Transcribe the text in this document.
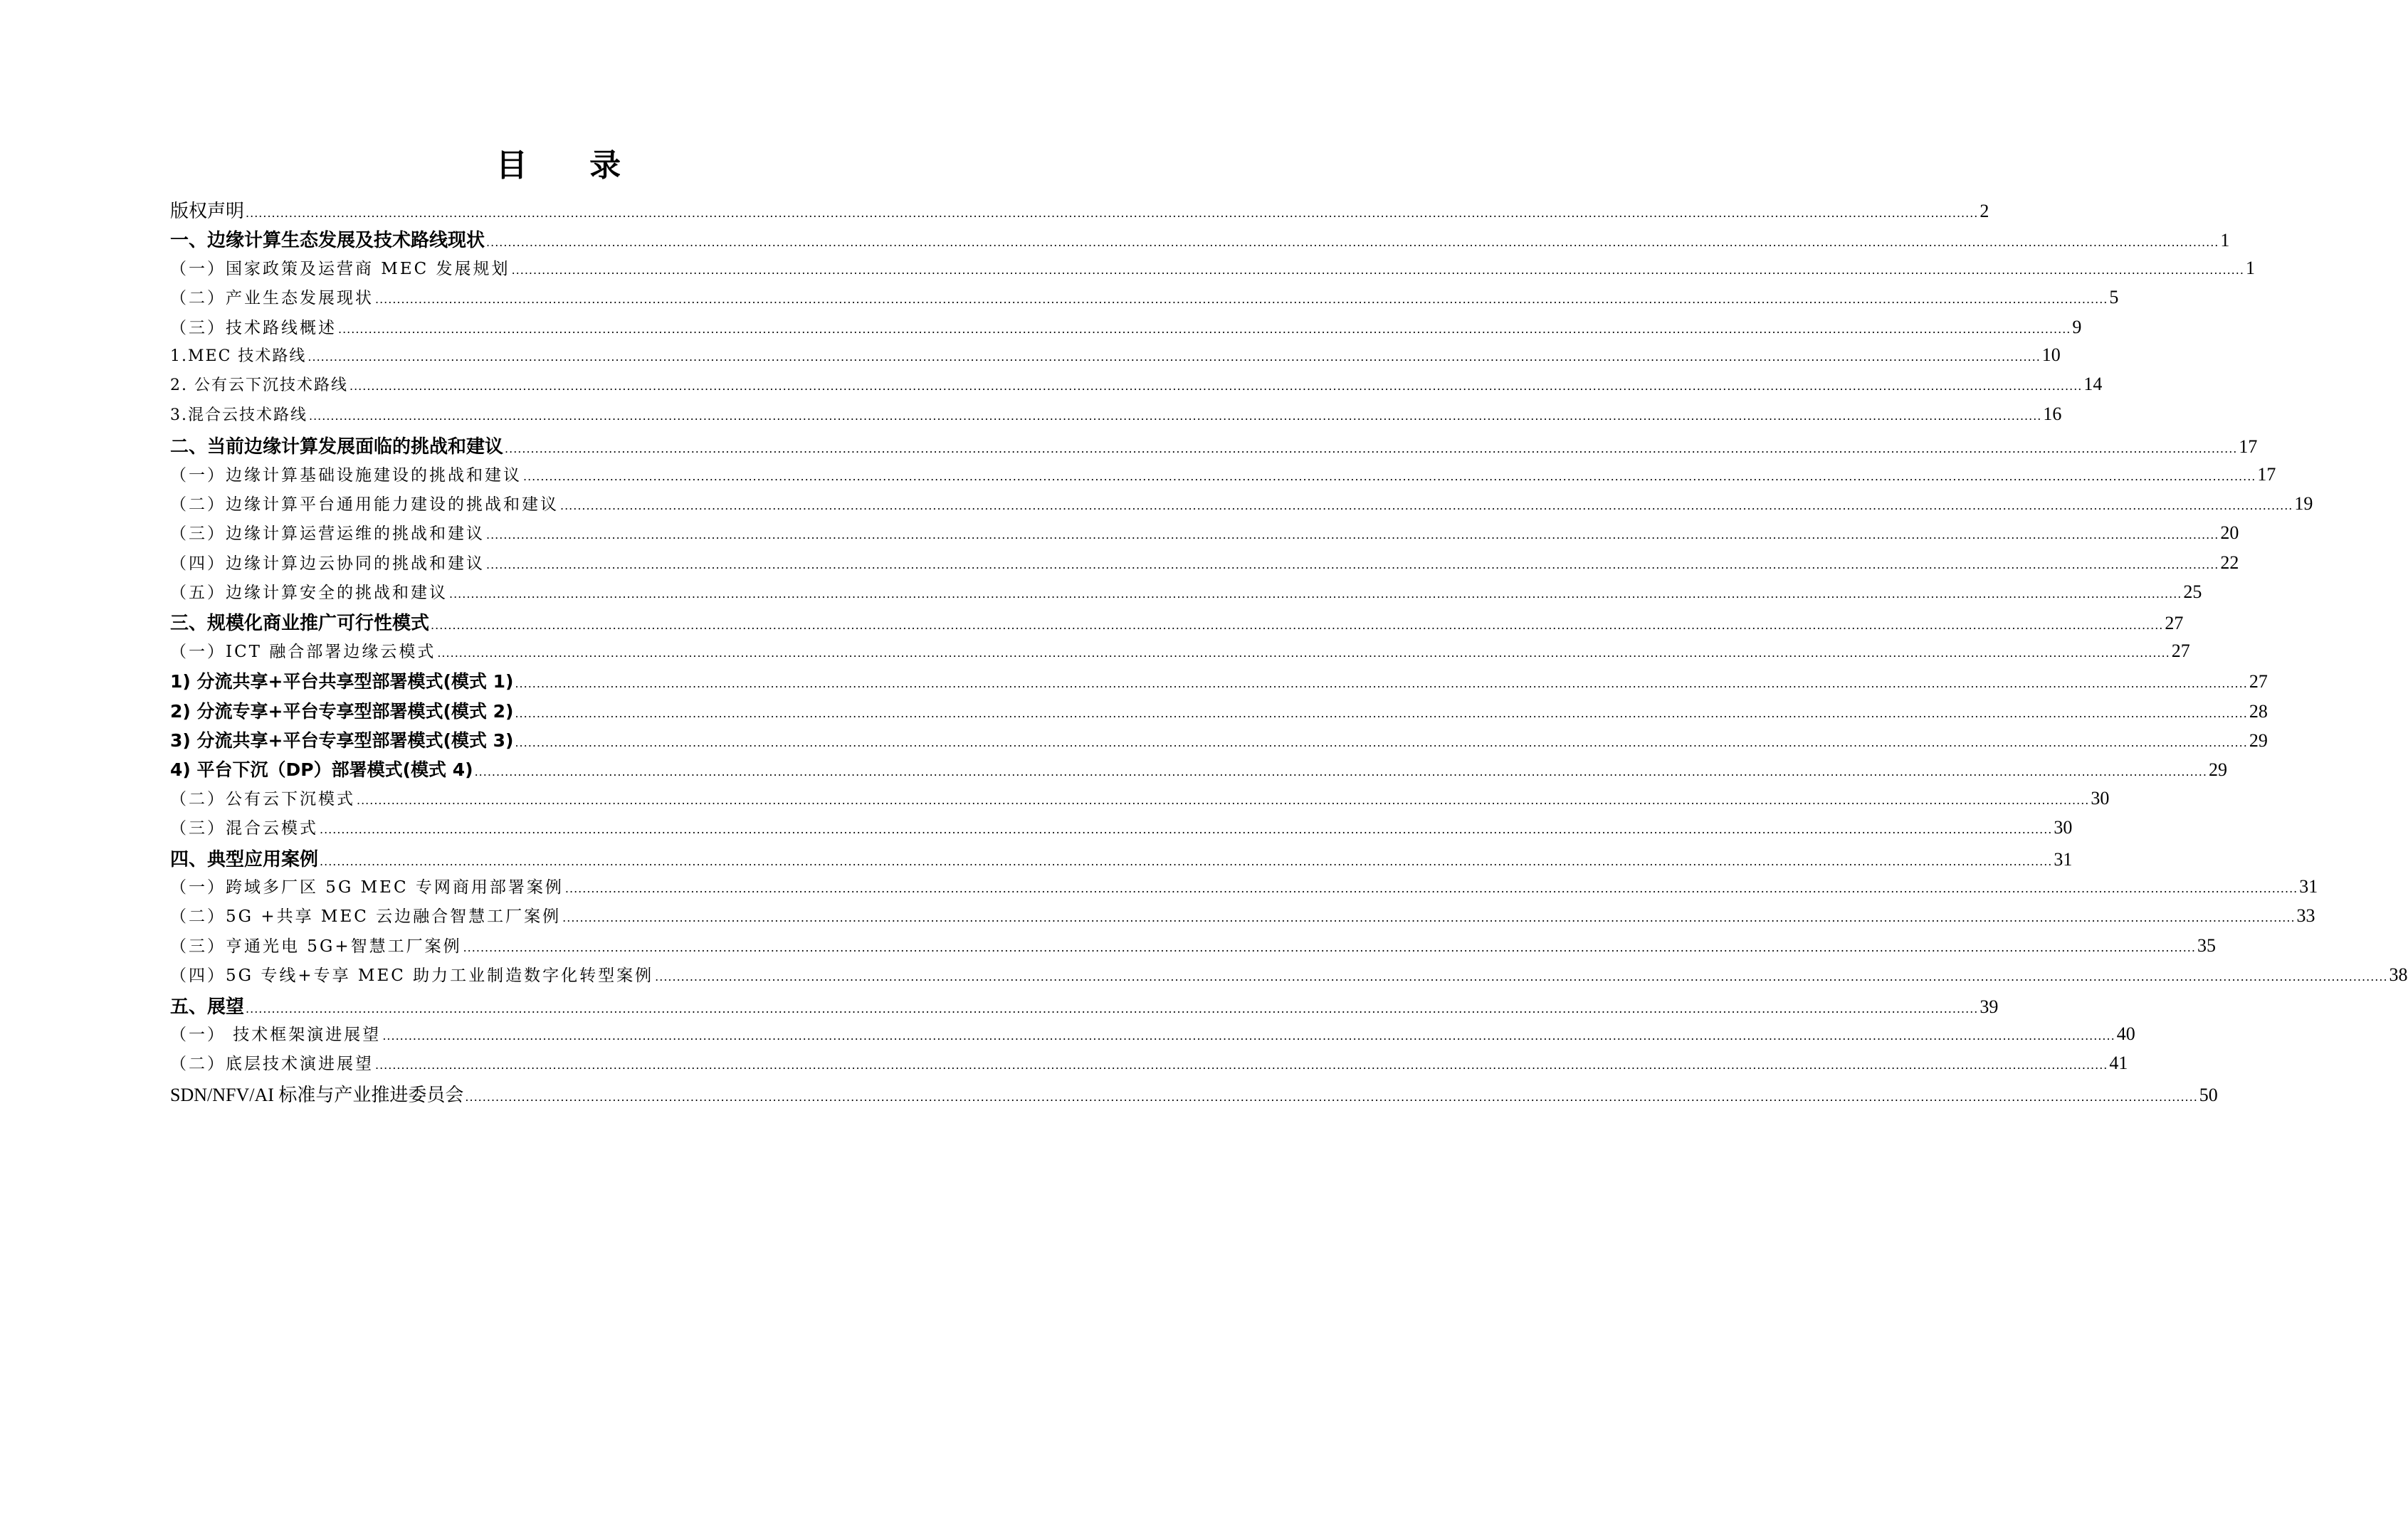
目 录
版权声明 ................................................................................................................................................................................................................................................................................................................................................................................................................ 2
一、边缘计算生态发展及技术路线现状 ................................................................................................................................................................................................................................................................................................................................................................................................................ 1
（一）国家政策及运营商 MEC 发展规划 ................................................................................................................................................................................................................................................................................................................................................................................................................ 1
（二）产业生态发展现状 ................................................................................................................................................................................................................................................................................................................................................................................................................ 5
（三）技术路线概述 ................................................................................................................................................................................................................................................................................................................................................................................................................ 9
1.MEC 技术路线 ................................................................................................................................................................................................................................................................................................................................................................................................................ 10
2. 公有云下沉技术路线 ................................................................................................................................................................................................................................................................................................................................................................................................................ 14
3.混合云技术路线 ................................................................................................................................................................................................................................................................................................................................................................................................................ 16
二、当前边缘计算发展面临的挑战和建议 ................................................................................................................................................................................................................................................................................................................................................................................................................ 17
（一）边缘计算基础设施建设的挑战和建议 ................................................................................................................................................................................................................................................................................................................................................................................................................ 17
（二）边缘计算平台通用能力建设的挑战和建议 ................................................................................................................................................................................................................................................................................................................................................................................................................ 19
（三）边缘计算运营运维的挑战和建议 ................................................................................................................................................................................................................................................................................................................................................................................................................ 20
（四）边缘计算边云协同的挑战和建议 ................................................................................................................................................................................................................................................................................................................................................................................................................ 22
（五）边缘计算安全的挑战和建议 ................................................................................................................................................................................................................................................................................................................................................................................................................ 25
三、规模化商业推广可行性模式 ................................................................................................................................................................................................................................................................................................................................................................................................................ 27
（一）ICT 融合部署边缘云模式 ................................................................................................................................................................................................................................................................................................................................................................................................................ 27
1) 分流共享+平台共享型部署模式(模式 1) ................................................................................................................................................................................................................................................................................................................................................................................................................ 27
2) 分流专享+平台专享型部署模式(模式 2) ................................................................................................................................................................................................................................................................................................................................................................................................................ 28
3) 分流共享+平台专享型部署模式(模式 3) ................................................................................................................................................................................................................................................................................................................................................................................................................ 29
4) 平台下沉（DP）部署模式(模式 4) ................................................................................................................................................................................................................................................................................................................................................................................................................ 29
（二）公有云下沉模式 ................................................................................................................................................................................................................................................................................................................................................................................................................ 30
（三）混合云模式 ................................................................................................................................................................................................................................................................................................................................................................................................................ 30
四、典型应用案例 ................................................................................................................................................................................................................................................................................................................................................................................................................ 31
（一）跨域多厂区 5G MEC 专网商用部署案例 ................................................................................................................................................................................................................................................................................................................................................................................................................ 31
（二）5G +共享 MEC 云边融合智慧工厂案例 ................................................................................................................................................................................................................................................................................................................................................................................................................ 33
（三）亨通光电 5G+智慧工厂案例 ................................................................................................................................................................................................................................................................................................................................................................................................................ 35
（四）5G 专线+专享 MEC 助力工业制造数字化转型案例 ................................................................................................................................................................................................................................................................................................................................................................................................................ 38
五、展望 ................................................................................................................................................................................................................................................................................................................................................................................................................ 39
（一） 技术框架演进展望 ................................................................................................................................................................................................................................................................................................................................................................................................................ 40
（二）底层技术演进展望 ................................................................................................................................................................................................................................................................................................................................................................................................................ 41
SDN/NFV/AI 标准与产业推进委员会 ................................................................................................................................................................................................................................................................................................................................................................................................................ 50
